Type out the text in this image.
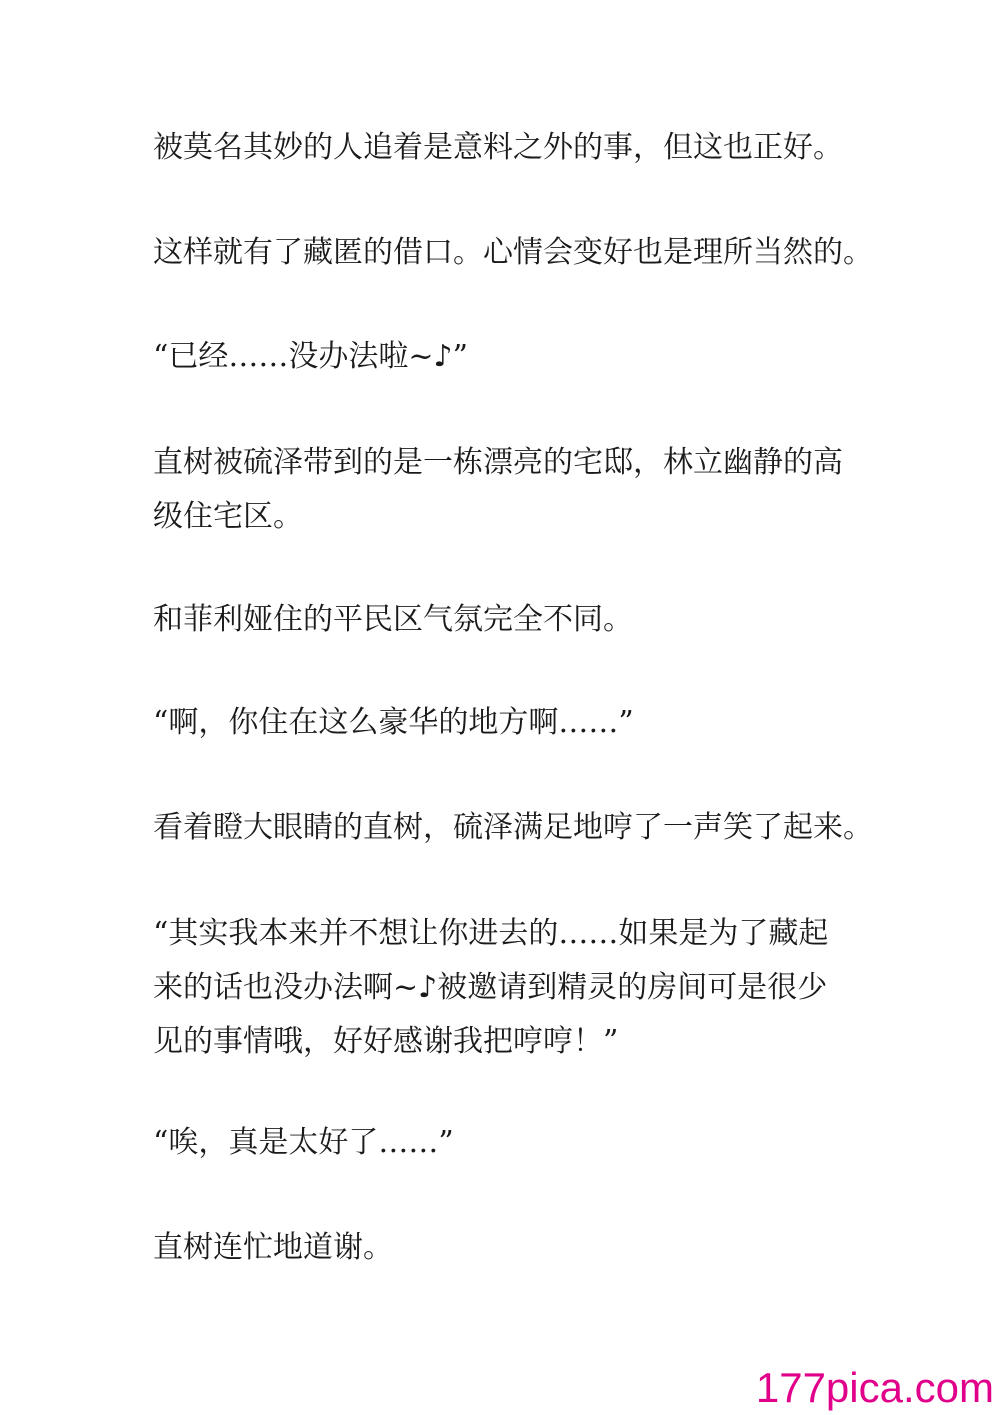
被莫名其妙的人追着是意料之外的事，但这也正好。
这样就有了藏匿的借口。心情会变好也是理所当然的。
“已经……没办法啦~♪”
直树被硫泽带到的是一栋漂亮的宅邸，林立幽静的高
级住宅区。
和菲利娅住的平民区气氛完全不同。
“啊，你住在这么豪华的地方啊……”
看着瞪大眼睛的直树，硫泽满足地哼了一声笑了起来。
“其实我本来并不想让你进去的……如果是为了藏起
来的话也没办法啊~♪被邀请到精灵的房间可是很少
见的事情哦，好好感谢我把哼哼！”
“唉，真是太好了……”
直树连忙地道谢。
177pica.com
